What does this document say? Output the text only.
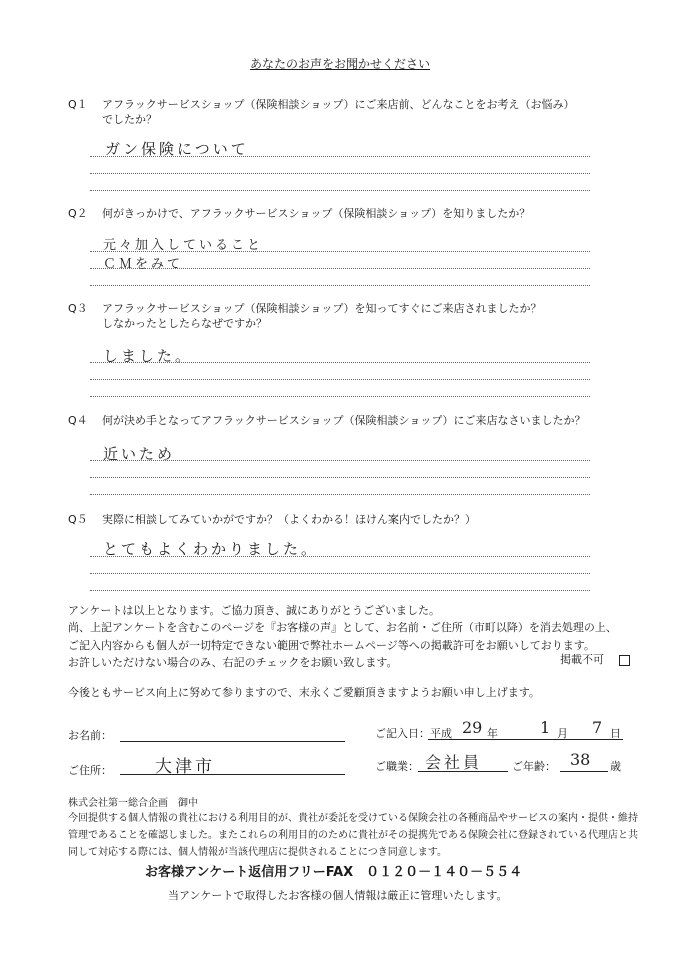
あなたのお声をお聞かせください
Q１ アフラックサービスショップ（保険相談ショップ）にご来店前、どんなことをお考え（お悩み）
でしたか？
ガン保険について
Q２ 何がきっかけで、アフラックサービスショップ（保険相談ショップ）を知りましたか？
元々加入していること
ＣＭをみて
Q３ アフラックサービスショップ（保険相談ショップ）を知ってすぐにご来店されましたか？
しなかったとしたらなぜですか？
しました。
Q４ 何が決め手となってアフラックサービスショップ（保険相談ショップ）にご来店なさいましたか？
近いため
Q５ 実際に相談してみていかがですか？（よくわかる！ほけん案内でしたか？）
とてもよくわかりました。
アンケートは以上となります。ご協力頂き、誠にありがとうございました。
尚、上記アンケートを含むこのページを『お客様の声』として、お名前・ご住所（市町以降）を消去処理の上、
ご記入内容からも個人が一切特定できない範囲で弊社ホームページ等への掲載許可をお願いしております。
お許しいただけない場合のみ、右記のチェックをお願い致します。	掲載不可
今後ともサービス向上に努めて参りますので、末永くご愛顧頂きますようお願い申し上げます。
お名前：
ご住所：	大津市
ご記入日： 平成 29 年	1 月 7 日
ご職業： 会社員	ご年齢： 38 歳
株式会社第一総合企画　御中
今回提供する個人情報の貴社における利用目的が、貴社が委託を受けている保険会社の各種商品やサービスの案内・提供・維持
管理であることを確認しました。またこれらの利用目的のために貴社がその提携先である保険会社に登録されている代理店と共
同して対応する際には、個人情報が当該代理店に提供されることにつき同意します。
お客様アンケート返信用フリーFAX　０１２０－１４０－５５４
当アンケートで取得したお客様の個人情報は厳正に管理いたします。
